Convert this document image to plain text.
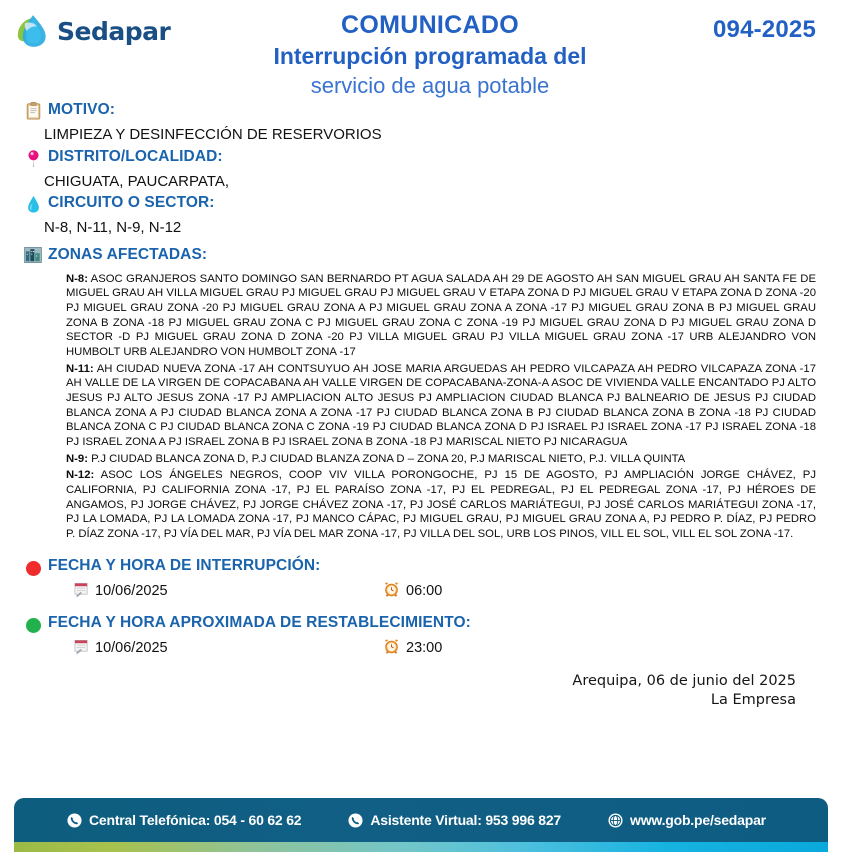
Sedapar	COMUNICADO
Interrupción programada del
servicio de agua potable
094-2025
MOTIVO:
LIMPIEZA Y DESINFECCIÓN DE RESERVORIOS
DISTRITO/LOCALIDAD:
CHIGUATA, PAUCARPATA,
CIRCUITO O SECTOR:
N-8, N-11, N-9, N-12
ZONAS AFECTADAS:
N-8: ASOC GRANJEROS SANTO DOMINGO SAN BERNARDO PT AGUA SALADA AH 29 DE AGOSTO AH SAN MIGUEL GRAU AH SANTA FE DE MIGUEL GRAU AH VILLA MIGUEL GRAU PJ MIGUEL GRAU PJ MIGUEL GRAU V ETAPA ZONA D PJ MIGUEL GRAU V ETAPA ZONA D ZONA -20 PJ MIGUEL GRAU ZONA -20 PJ MIGUEL GRAU ZONA A PJ MIGUEL GRAU ZONA A ZONA -17 PJ MIGUEL GRAU ZONA B PJ MIGUEL GRAU ZONA B ZONA -18 PJ MIGUEL GRAU ZONA C PJ MIGUEL GRAU ZONA C ZONA -19 PJ MIGUEL GRAU ZONA D PJ MIGUEL GRAU ZONA D SECTOR -D PJ MIGUEL GRAU ZONA D ZONA -20 PJ VILLA MIGUEL GRAU PJ VILLA MIGUEL GRAU ZONA -17 URB ALEJANDRO VON HUMBOLT URB ALEJANDRO VON HUMBOLT ZONA -17
N-11: AH CIUDAD NUEVA ZONA -17 AH CONTSUYUO AH JOSE MARIA ARGUEDAS AH PEDRO VILCAPAZA AH PEDRO VILCAPAZA ZONA -17 AH VALLE DE LA VIRGEN DE COPACABANA AH VALLE VIRGEN DE COPACABANA-ZONA-A ASOC DE VIVIENDA VALLE ENCANTADO PJ ALTO JESUS PJ ALTO JESUS ZONA -17 PJ AMPLIACION ALTO JESUS PJ AMPLIACION CIUDAD BLANCA PJ BALNEARIO DE JESUS PJ CIUDAD BLANCA ZONA A PJ CIUDAD BLANCA ZONA A ZONA -17 PJ CIUDAD BLANCA ZONA B PJ CIUDAD BLANCA ZONA B ZONA -18 PJ CIUDAD BLANCA ZONA C PJ CIUDAD BLANCA ZONA C ZONA -19 PJ CIUDAD BLANCA ZONA D PJ ISRAEL PJ ISRAEL ZONA -17 PJ ISRAEL ZONA -18 PJ ISRAEL ZONA A PJ ISRAEL ZONA B PJ ISRAEL ZONA B ZONA -18 PJ MARISCAL NIETO PJ NICARAGUA
N-9: P.J CIUDAD BLANCA ZONA D, P.J CIUDAD BLANZA ZONA D – ZONA 20, P.J MARISCAL NIETO, P.J. VILLA QUINTA
N-12: ASOC LOS ÁNGELES NEGROS, COOP VIV VILLA PORONGOCHE, PJ 15 DE AGOSTO, PJ AMPLIACIÓN JORGE CHÁVEZ, PJ CALIFORNIA, PJ CALIFORNIA ZONA -17, PJ EL PARAÍSO ZONA -17, PJ EL PEDREGAL, PJ EL PEDREGAL ZONA -17, PJ HÉROES DE ANGAMOS, PJ JORGE CHÁVEZ, PJ JORGE CHÁVEZ ZONA -17, PJ JOSÉ CARLOS MARIÁTEGUI, PJ JOSÉ CARLOS MARIÁTEGUI ZONA -17, PJ LA LOMADA, PJ LA LOMADA ZONA -17, PJ MANCO CÁPAC, PJ MIGUEL GRAU, PJ MIGUEL GRAU ZONA A, PJ PEDRO P. DÍAZ, PJ PEDRO P. DÍAZ ZONA -17, PJ VÍA DEL MAR, PJ VÍA DEL MAR ZONA -17, PJ VILLA DEL SOL, URB LOS PINOS, VILL EL SOL, VILL EL SOL ZONA -17.
FECHA Y HORA DE INTERRUPCIÓN:
10/06/2025	06:00
FECHA Y HORA APROXIMADA DE RESTABLECIMIENTO:
10/06/2025	23:00
Arequipa, 06 de junio del 2025
La Empresa
Central Telefónica: 054 - 60 62 62	Asistente Virtual: 953 996 827	www.gob.pe/sedapar
